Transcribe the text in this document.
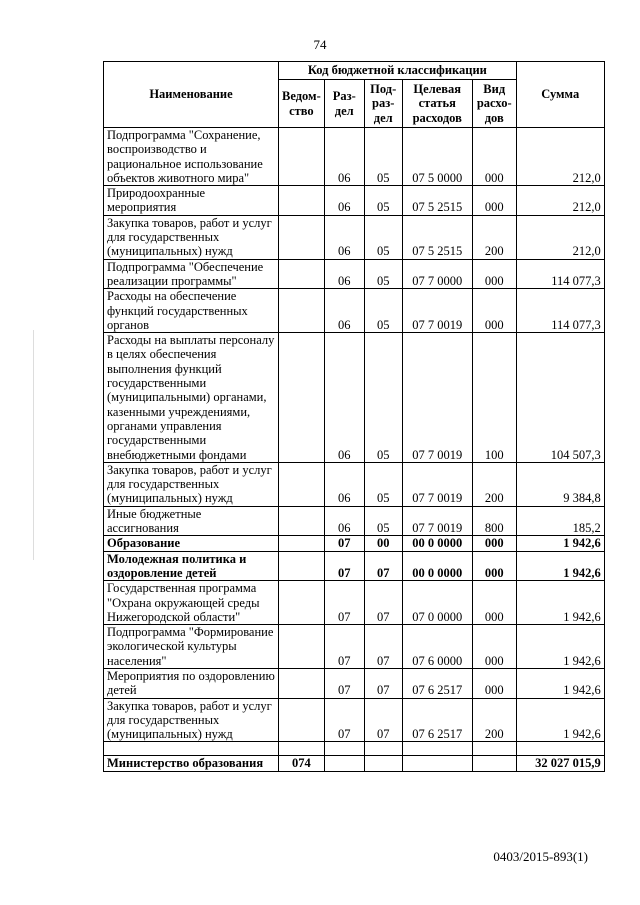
74
Наименование	Код бюджетной классификации					Сумма
	Ведом-ство	Раз-дел	Под-раз-дел	Целевая статья расходов	Вид расхо-дов	
Подпрограмма "Сохранение, воспроизводство и рациональное использование объектов животного мира"		06	05	07 5 0000	000	212,0
Природоохранные мероприятия		06	05	07 5 2515	000	212,0
Закупка товаров, работ и услуг для государственных (муниципальных) нужд		06	05	07 5 2515	200	212,0
Подпрограмма "Обеспечение реализации программы"		06	05	07 7 0000	000	114 077,3
Расходы на обеспечение функций государственных органов		06	05	07 7 0019	000	114 077,3
Расходы на выплаты персоналу в целях обеспечения выполнения функций государственными (муниципальными) органами, казенными учреждениями, органами управления государственными внебюджетными фондами		06	05	07 7 0019	100	104 507,3
Закупка товаров, работ и услуг для государственных (муниципальных) нужд		06	05	07 7 0019	200	9 384,8
Иные бюджетные ассигнования		06	05	07 7 0019	800	185,2
Образование		07	00	00 0 0000	000	1 942,6
Молодежная политика и оздоровление детей		07	07	00 0 0000	000	1 942,6
Государственная программа "Охрана окружающей среды Нижегородской области"		07	07	07 0 0000	000	1 942,6
Подпрограмма "Формирование экологической культуры населения"		07	07	07 6 0000	000	1 942,6
Мероприятия по оздоровлению детей		07	07	07 6 2517	000	1 942,6
Закупка товаров, работ и услуг для государственных (муниципальных) нужд		07	07	07 6 2517	200	1 942,6

Министерство образования	074					32 027 015,9
0403/2015-893(1)
